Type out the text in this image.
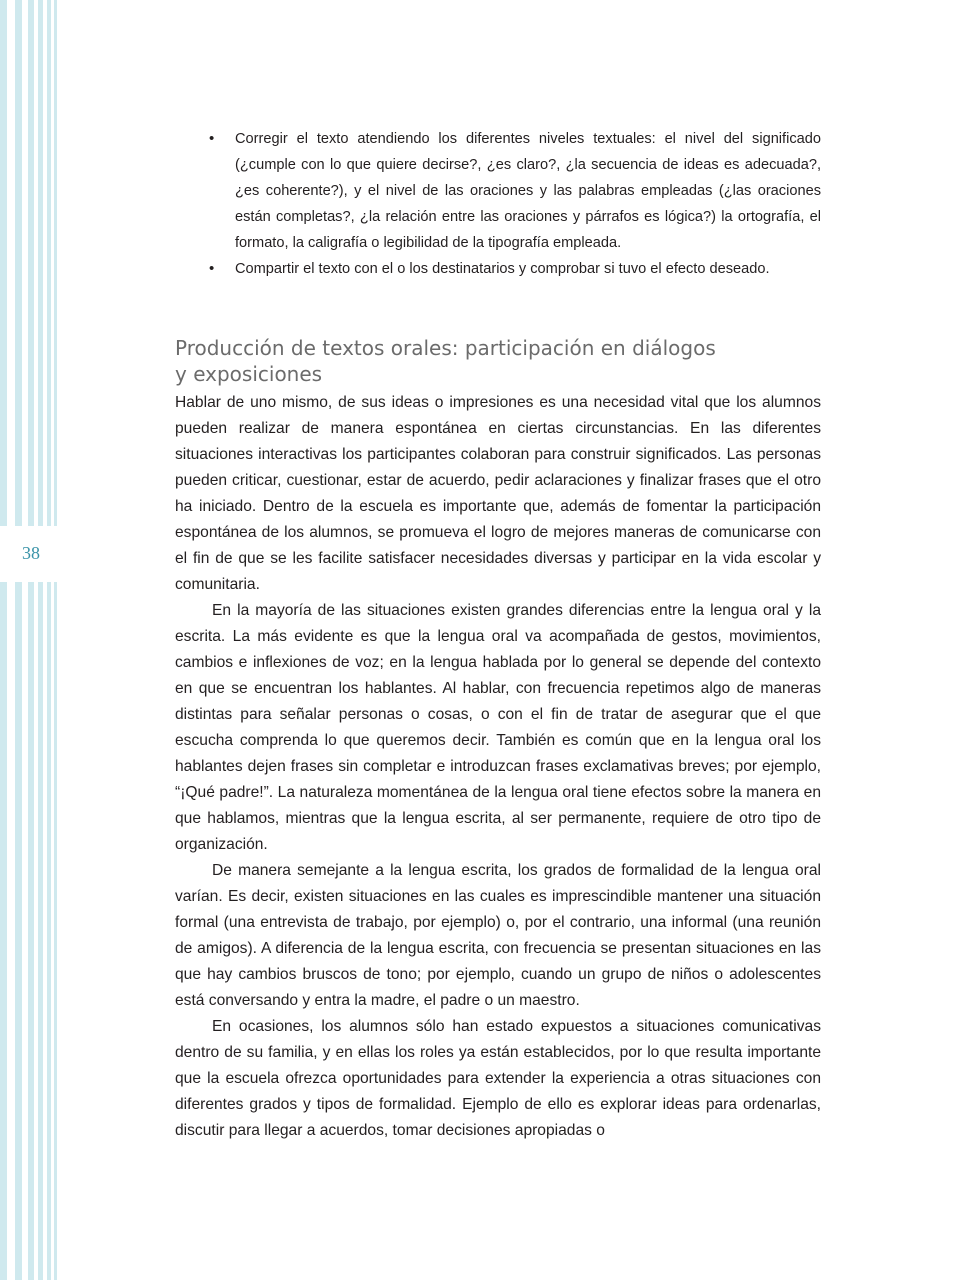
38
• Corregir el texto atendiendo los diferentes niveles textuales: el nivel del significado (¿cumple con lo que quiere decirse?, ¿es claro?, ¿la secuencia de ideas es adecuada?, ¿es coherente?), y el nivel de las oraciones y las palabras empleadas (¿las oraciones están completas?, ¿la relación entre las oraciones y párrafos es lógica?) la ortografía, el formato, la caligrafía o legibilidad de la tipografía empleada.
• Compartir el texto con el o los destinatarios y comprobar si tuvo el efecto deseado.
Producción de textos orales: participación en diálogos
y exposiciones

Hablar de uno mismo, de sus ideas o impresiones es una necesidad vital que los alumnos pueden realizar de manera espontánea en ciertas circunstancias. En las diferentes situaciones interactivas los participantes colaboran para construir significados. Las personas pueden criticar, cuestionar, estar de acuerdo, pedir aclaraciones y finalizar frases que el otro ha iniciado. Dentro de la escuela es importante que, además de fomentar la participación espontánea de los alumnos, se promueva el logro de mejores maneras de comunicarse con el fin de que se les facilite satisfacer necesidades diversas y participar en la vida escolar y comunitaria.

En la mayoría de las situaciones existen grandes diferencias entre la lengua oral y la escrita. La más evidente es que la lengua oral va acompañada de gestos, movimientos, cambios e inflexiones de voz; en la lengua hablada por lo general se depende del contexto en que se encuentran los hablantes. Al hablar, con frecuencia repetimos algo de maneras distintas para señalar personas o cosas, o con el fin de tratar de asegurar que el que escucha comprenda lo que queremos decir. También es común que en la lengua oral los hablantes dejen frases sin completar e introduzcan frases exclamativas breves; por ejemplo, “¡Qué padre!”. La naturaleza momentánea de la lengua oral tiene efectos sobre la manera en que hablamos, mientras que la lengua escrita, al ser permanente, requiere de otro tipo de organización.

De manera semejante a la lengua escrita, los grados de formalidad de la lengua oral varían. Es decir, existen situaciones en las cuales es imprescindible mantener una situación formal (una entrevista de trabajo, por ejemplo) o, por el contrario, una informal (una reunión de amigos). A diferencia de la lengua escrita, con frecuencia se presentan situaciones en las que hay cambios bruscos de tono; por ejemplo, cuando un grupo de niños o adolescentes está conversando y entra la madre, el padre o un maestro.

En ocasiones, los alumnos sólo han estado expuestos a situaciones comunicativas dentro de su familia, y en ellas los roles ya están establecidos, por lo que resulta importante que la escuela ofrezca oportunidades para extender la experiencia a otras situaciones con diferentes grados y tipos de formalidad. Ejemplo de ello es explorar ideas para ordenarlas, discutir para llegar a acuerdos, tomar decisiones apropiadas o
